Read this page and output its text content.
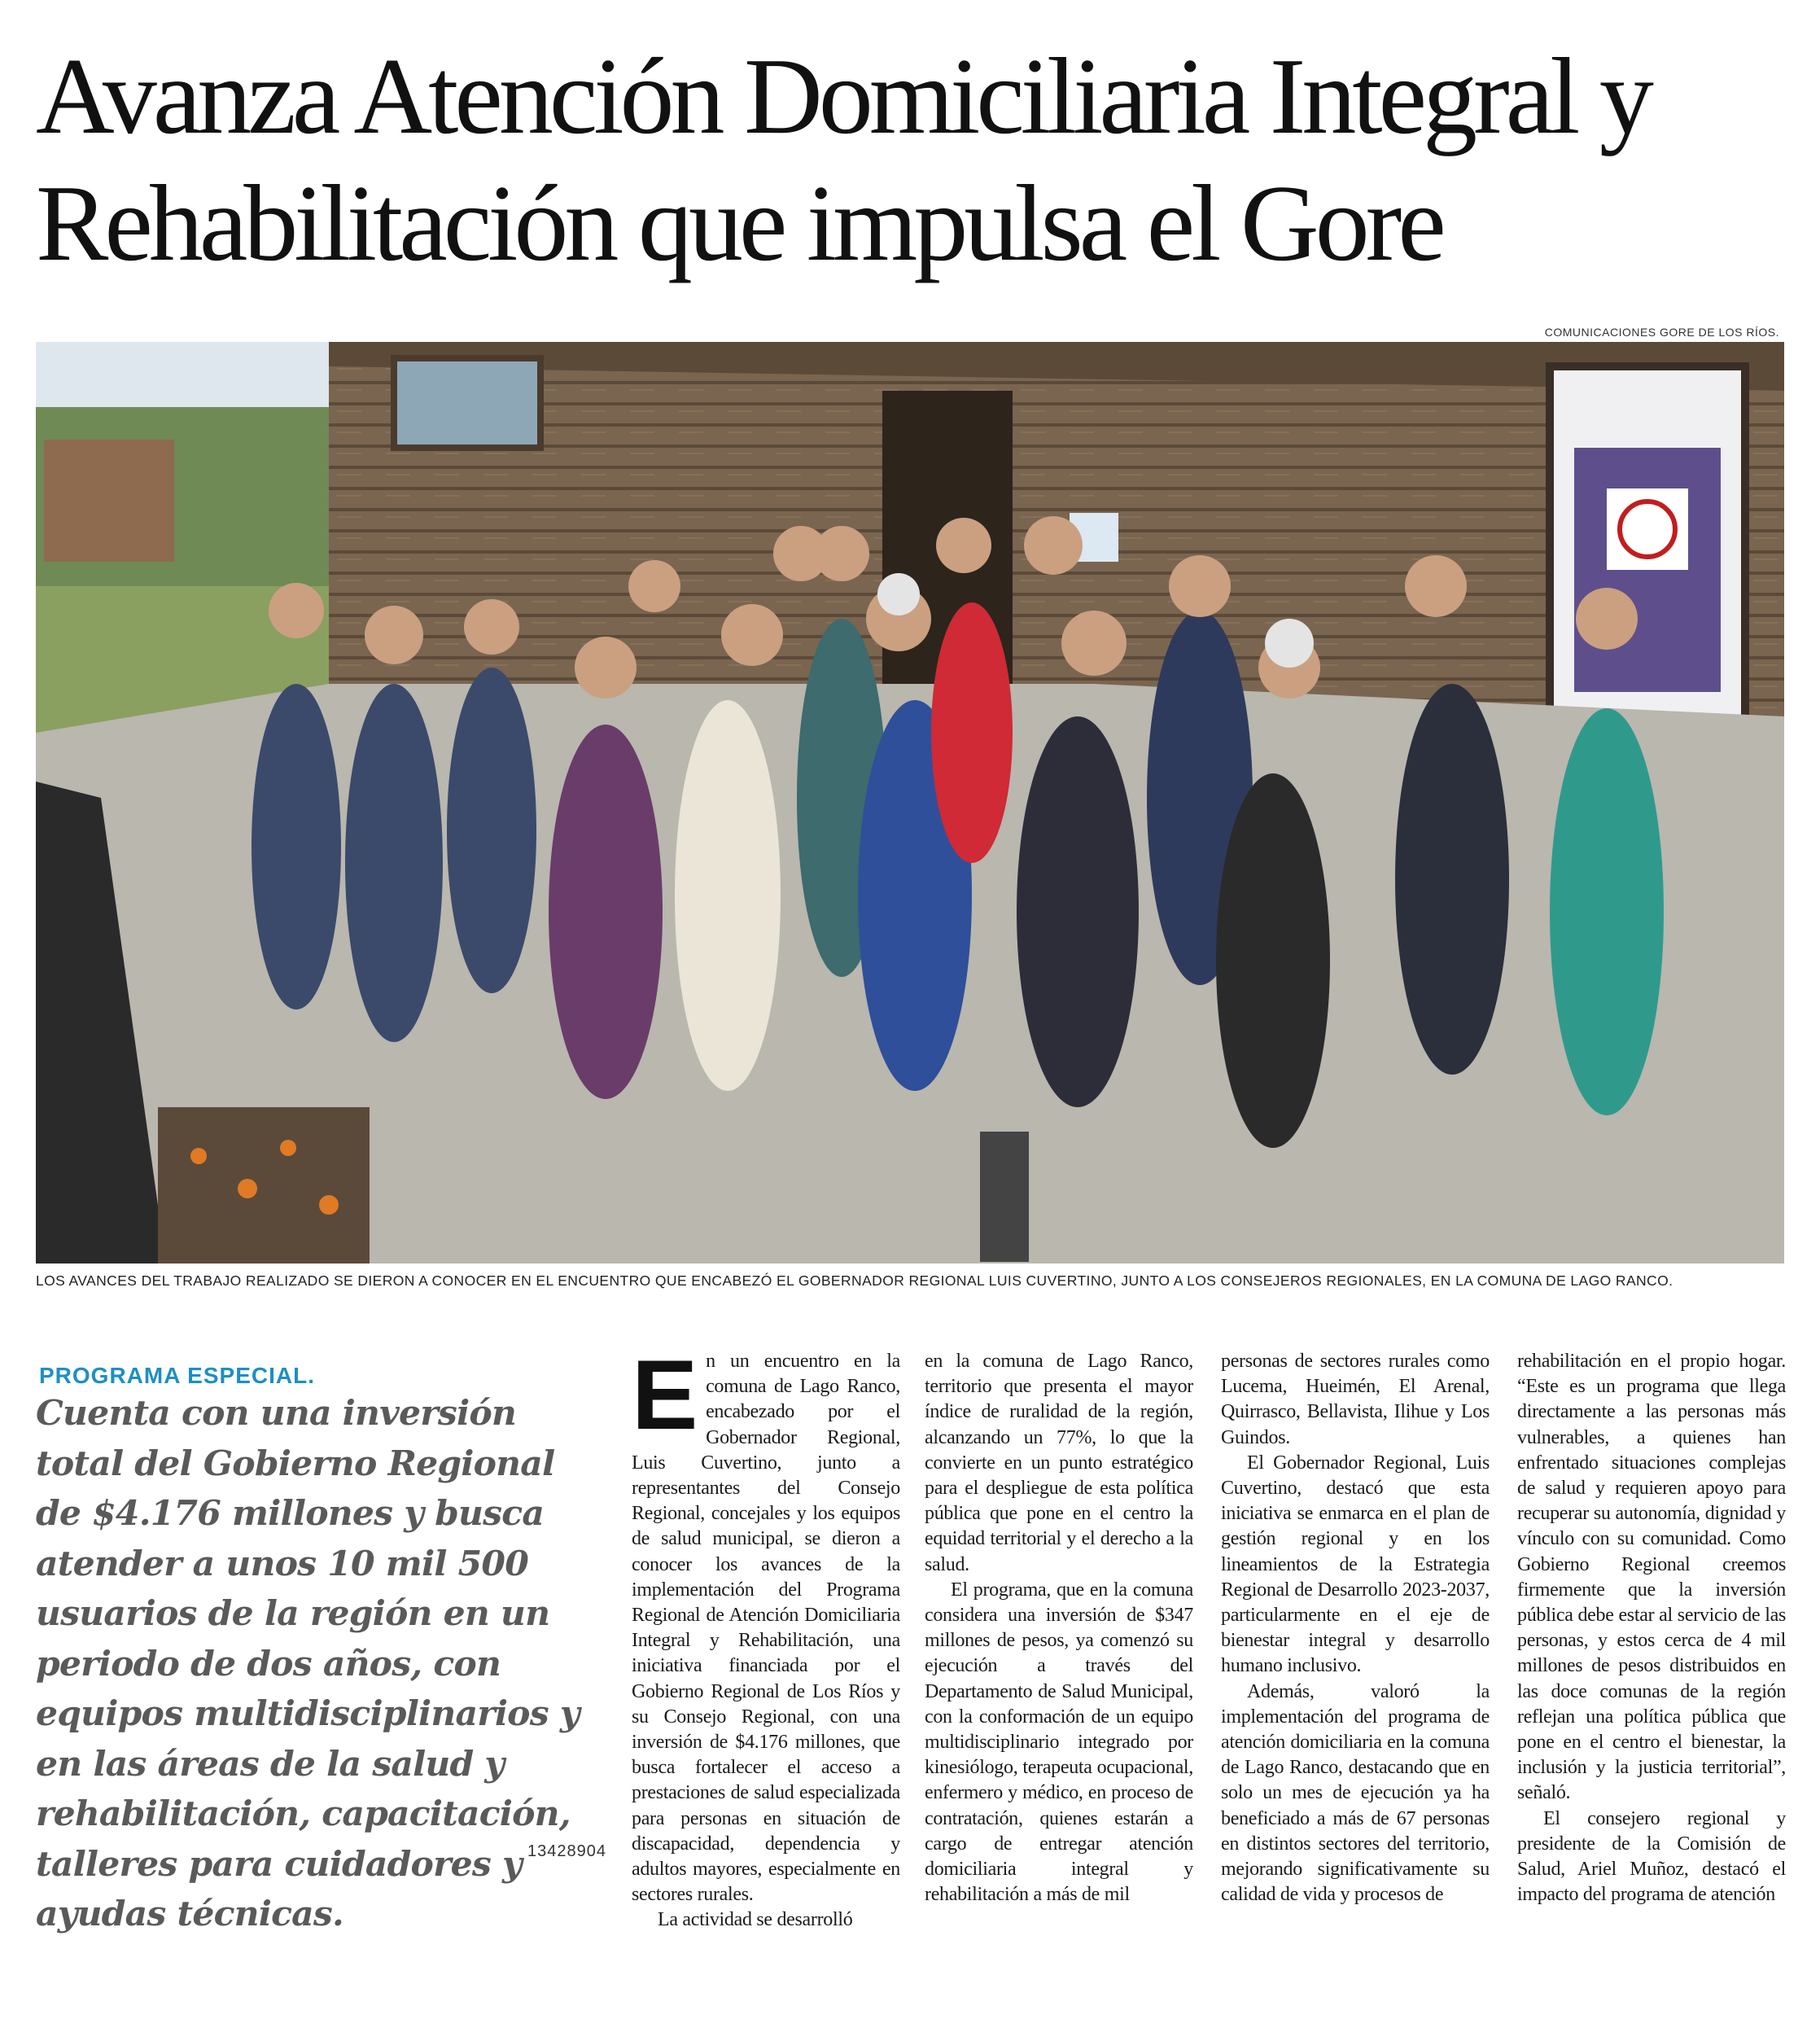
Avanza Atención Domiciliaria Integral y Rehabilitación que impulsa el Gore
COMUNICACIONES GORE DE LOS RÍOS.
LOS AVANCES DEL TRABAJO REALIZADO SE DIERON A CONOCER EN EL ENCUENTRO QUE ENCABEZÓ EL GOBERNADOR REGIONAL LUIS CUVERTINO, JUNTO A LOS CONSEJEROS REGIONALES, EN LA COMUNA DE LAGO RANCO.
PROGRAMA ESPECIAL.
Cuenta con una inversión total del Gobierno Regional de $4.176 millones y busca atender a unos 10 mil 500 usuarios de la región en un periodo de dos años, con equipos multidisciplinarios y en las áreas de la salud y rehabilitación, capacitación, talleres para cuidadores y ayudas técnicas.
13428904

En un encuentro en la comuna de Lago Ranco, encabezado por el Gobernador Regional, Luis Cuvertino, junto a representantes del Consejo Regional, concejales y los equipos de salud municipal, se dieron a conocer los avances de la implementación del Programa Regional de Atención Domiciliaria Integral y Rehabilitación, una iniciativa financiada por el Gobierno Regional de Los Ríos y su Consejo Regional, con una inversión de $4.176 millones, que busca fortalecer el acceso a prestaciones de salud especializada para personas en situación de discapacidad, dependencia y adultos mayores, especialmente en sectores rurales.

La actividad se desarrolló

en la comuna de Lago Ranco, territorio que presenta el mayor índice de ruralidad de la región, alcanzando un 77%, lo que la convierte en un punto estratégico para el despliegue de esta política pública que pone en el centro la equidad territorial y el derecho a la salud.

El programa, que en la comuna considera una inversión de $347 millones de pesos, ya comenzó su ejecución a través del Departamento de Salud Municipal, con la conformación de un equipo multidisciplinario integrado por kinesiólogo, terapeuta ocupacional, enfermero y médico, en proceso de contratación, quienes estarán a cargo de entregar atención domiciliaria integral y rehabilitación a más de mil

personas de sectores rurales como Lucema, Hueimén, El Arenal, Quirrasco, Bellavista, Ilihue y Los Guindos.

El Gobernador Regional, Luis Cuvertino, destacó que esta iniciativa se enmarca en el plan de gestión regional y en los lineamientos de la Estrategia Regional de Desarrollo 2023-2037, particularmente en el eje de bienestar integral y desarrollo humano inclusivo.

Además, valoró la implementación del programa de atención domiciliaria en la comuna de Lago Ranco, destacando que en solo un mes de ejecución ya ha beneficiado a más de 67 personas en distintos sectores del territorio, mejorando significativamente su calidad de vida y procesos de

rehabilitación en el propio hogar. “Este es un programa que llega directamente a las personas más vulnerables, a quienes han enfrentado situaciones complejas de salud y requieren apoyo para recuperar su autonomía, dignidad y vínculo con su comunidad. Como Gobierno Regional creemos firmemente que la inversión pública debe estar al servicio de las personas, y estos cerca de 4 mil millones de pesos distribuidos en las doce comunas de la región reflejan una política pública que pone en el centro el bienestar, la inclusión y la justicia territorial”, señaló.

El consejero regional y presidente de la Comisión de Salud, Ariel Muñoz, destacó el impacto del programa de atención
